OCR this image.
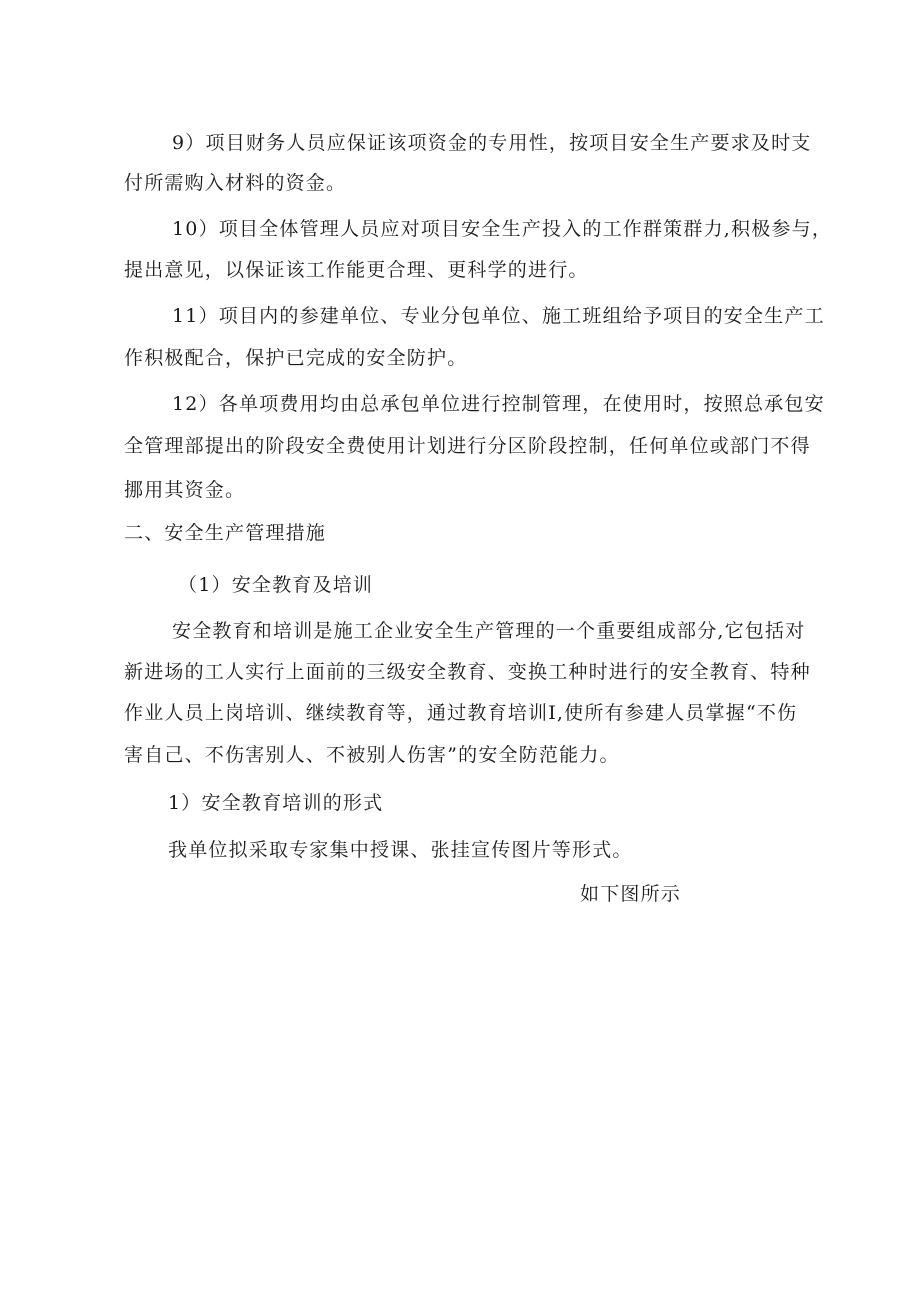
9）项目财务人员应保证该项资金的专用性，按项目安全生产要求及时支
付所需购入材料的资金。
10）项目全体管理人员应对项目安全生产投入的工作群策群力,积极参与，
提出意见，以保证该工作能更合理、更科学的进行。
11）项目内的参建单位、专业分包单位、施工班组给予项目的安全生产工
作积极配合，保护已完成的安全防护。
12）各单项费用均由总承包单位进行控制管理，在使用时，按照总承包安
全管理部提出的阶段安全费使用计划进行分区阶段控制，任何单位或部门不得
挪用其资金。
二、安全生产管理措施
（1）安全教育及培训
安全教育和培训是施工企业安全生产管理的一个重要组成部分,它包括对
新进场的工人实行上面前的三级安全教育、变换工种时进行的安全教育、特种
作业人员上岗培训、继续教育等，通过教育培训I,使所有参建人员掌握“不伤
害自己、不伤害别人、不被别人伤害”的安全防范能力。
1）安全教育培训的形式
我单位拟采取专家集中授课、张挂宣传图片等形式。
如下图所示
